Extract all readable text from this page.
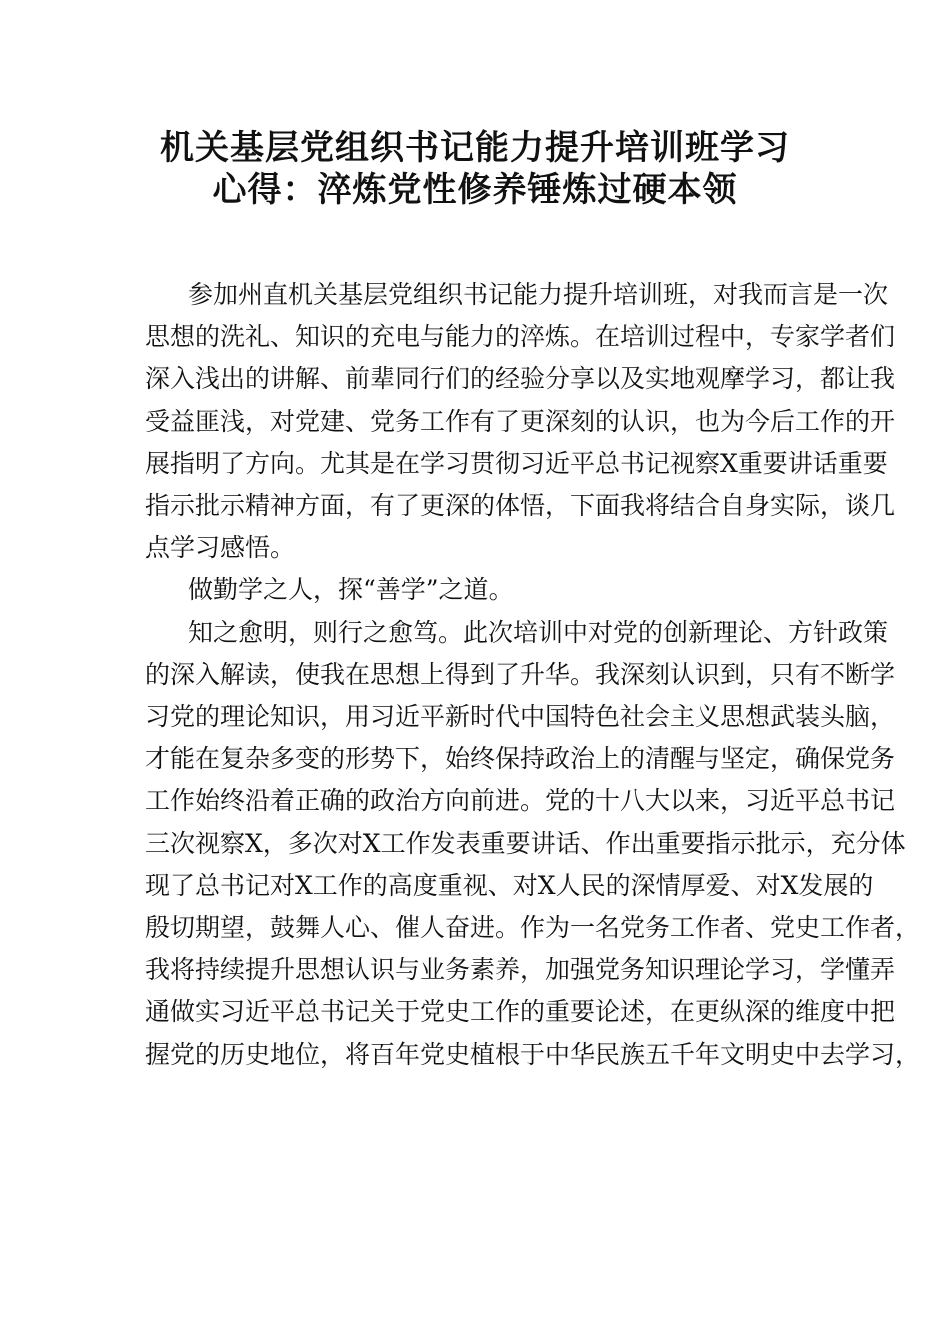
机关基层党组织书记能力提升培训班学习
心得：淬炼党性修养锤炼过硬本领
参加州直机关基层党组织书记能力提升培训班，对我而言是一次
思想的洗礼、知识的充电与能力的淬炼。在培训过程中，专家学者们
深入浅出的讲解、前辈同行们的经验分享以及实地观摩学习，都让我
受益匪浅，对党建、党务工作有了更深刻的认识，也为今后工作的开
展指明了方向。尤其是在学习贯彻习近平总书记视察X重要讲话重要
指示批示精神方面，有了更深的体悟，下面我将结合自身实际，谈几
点学习感悟。
做勤学之人，探“善学”之道。
知之愈明，则行之愈笃。此次培训中对党的创新理论、方针政策
的深入解读，使我在思想上得到了升华。我深刻认识到，只有不断学
习党的理论知识，用习近平新时代中国特色社会主义思想武装头脑，
才能在复杂多变的形势下，始终保持政治上的清醒与坚定，确保党务
工作始终沿着正确的政治方向前进。党的十八大以来，习近平总书记
三次视察X，多次对X工作发表重要讲话、作出重要指示批示，充分体
现了总书记对X工作的高度重视、对X人民的深情厚爱、对X发展的
殷切期望，鼓舞人心、催人奋进。作为一名党务工作者、党史工作者，
我将持续提升思想认识与业务素养，加强党务知识理论学习，学懂弄
通做实习近平总书记关于党史工作的重要论述，在更纵深的维度中把
握党的历史地位，将百年党史植根于中华民族五千年文明史中去学习，
